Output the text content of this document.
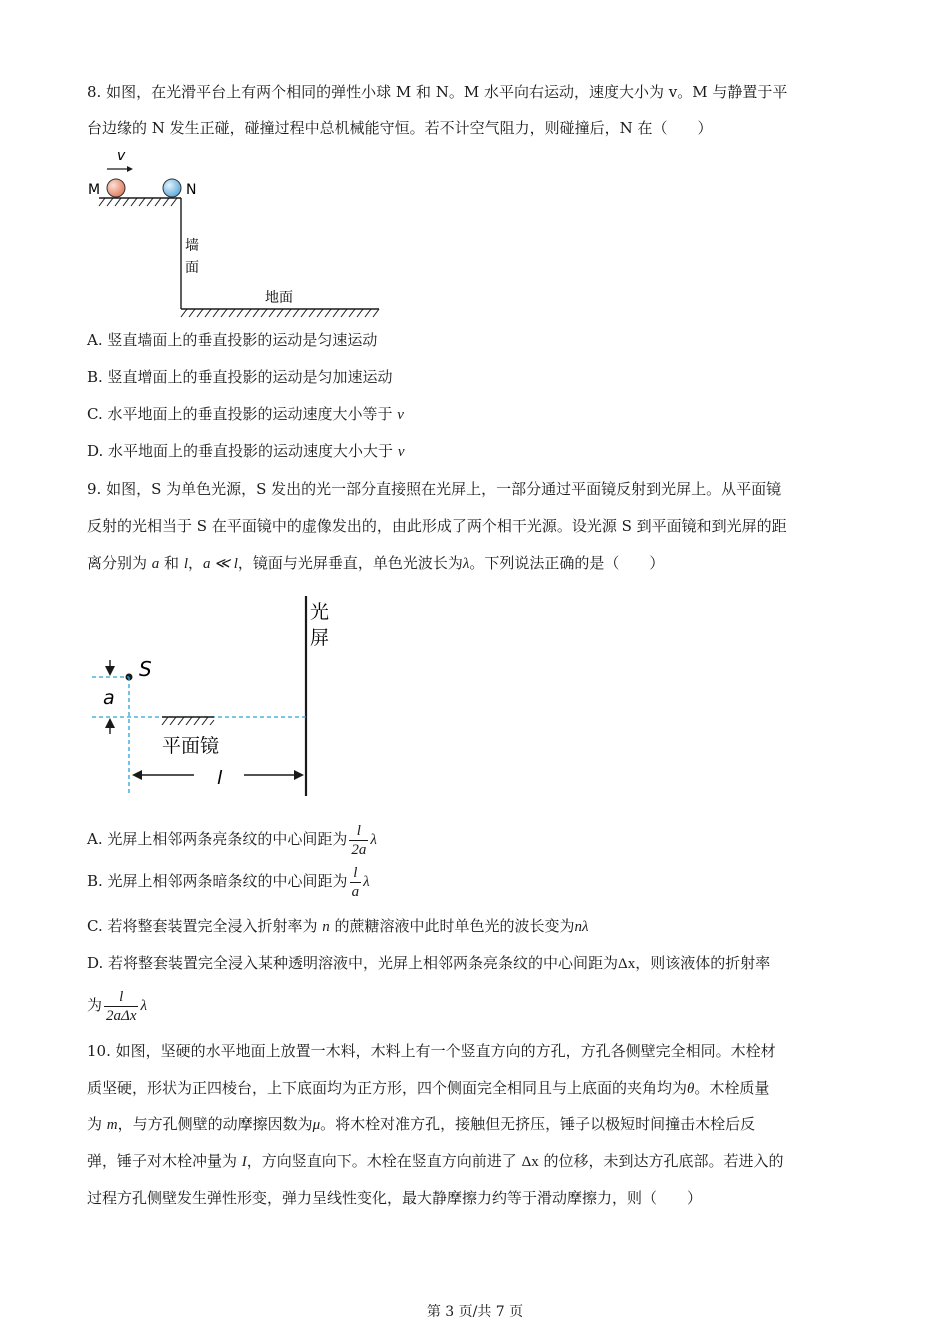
8. 如图，在光滑平台上有两个相同的弹性小球 M 和 N。M 水平向右运动，速度大小为 v。M 与静置于平
台边缘的 N 发生正碰，碰撞过程中总机械能守恒。若不计空气阻力，则碰撞后，N 在（　　）
v
M	N
墙
面
地面
A. 竖直墙面上的垂直投影的运动是匀速运动
B. 竖直增面上的垂直投影的运动是匀加速运动
C. 水平地面上的垂直投影的运动速度大小等于 v
D. 水平地面上的垂直投影的运动速度大小大于 v
9. 如图，S 为单色光源，S 发出的光一部分直接照在光屏上，一部分通过平面镜反射到光屏上。从平面镜
反射的光相当于 S 在平面镜中的虚像发出的，由此形成了两个相干光源。设光源 S 到平面镜和到光屏的距
离分别为 a 和 l，a ≪ l，镜面与光屏垂直，单色光波长为λ。下列说法正确的是（　　）
光
屏
S
a
平面镜
l
A. 光屏上相邻两条亮条纹的中心间距为 $\frac{l}{2a}$ λ
B. 光屏上相邻两条暗条纹的中心间距为 $\frac{l}{a}$ λ
C. 若将整套装置完全浸入折射率为 n 的蔗糖溶液中此时单色光的波长变为nλ
D. 若将整套装置完全浸入某种透明溶液中，光屏上相邻两条亮条纹的中心间距为Δx，则该液体的折射率
为 $\frac{l}{\text{2aΔx}}$ λ
10. 如图，坚硬的水平地面上放置一木料，木料上有一个竖直方向的方孔，方孔各侧壁完全相同。木栓材
质坚硬，形状为正四棱台，上下底面均为正方形，四个侧面完全相同且与上底面的夹角均为θ。木栓质量
为 m，与方孔侧壁的动摩擦因数为μ。将木栓对准方孔，接触但无挤压，锤子以极短时间撞击木栓后反
弹，锤子对木栓冲量为 I，方向竖直向下。木栓在竖直方向前进了 Δx 的位移，未到达方孔底部。若进入的
过程方孔侧壁发生弹性形变，弹力呈线性变化，最大静摩擦力约等于滑动摩擦力，则（　　）
第 3 页/共 7 页
